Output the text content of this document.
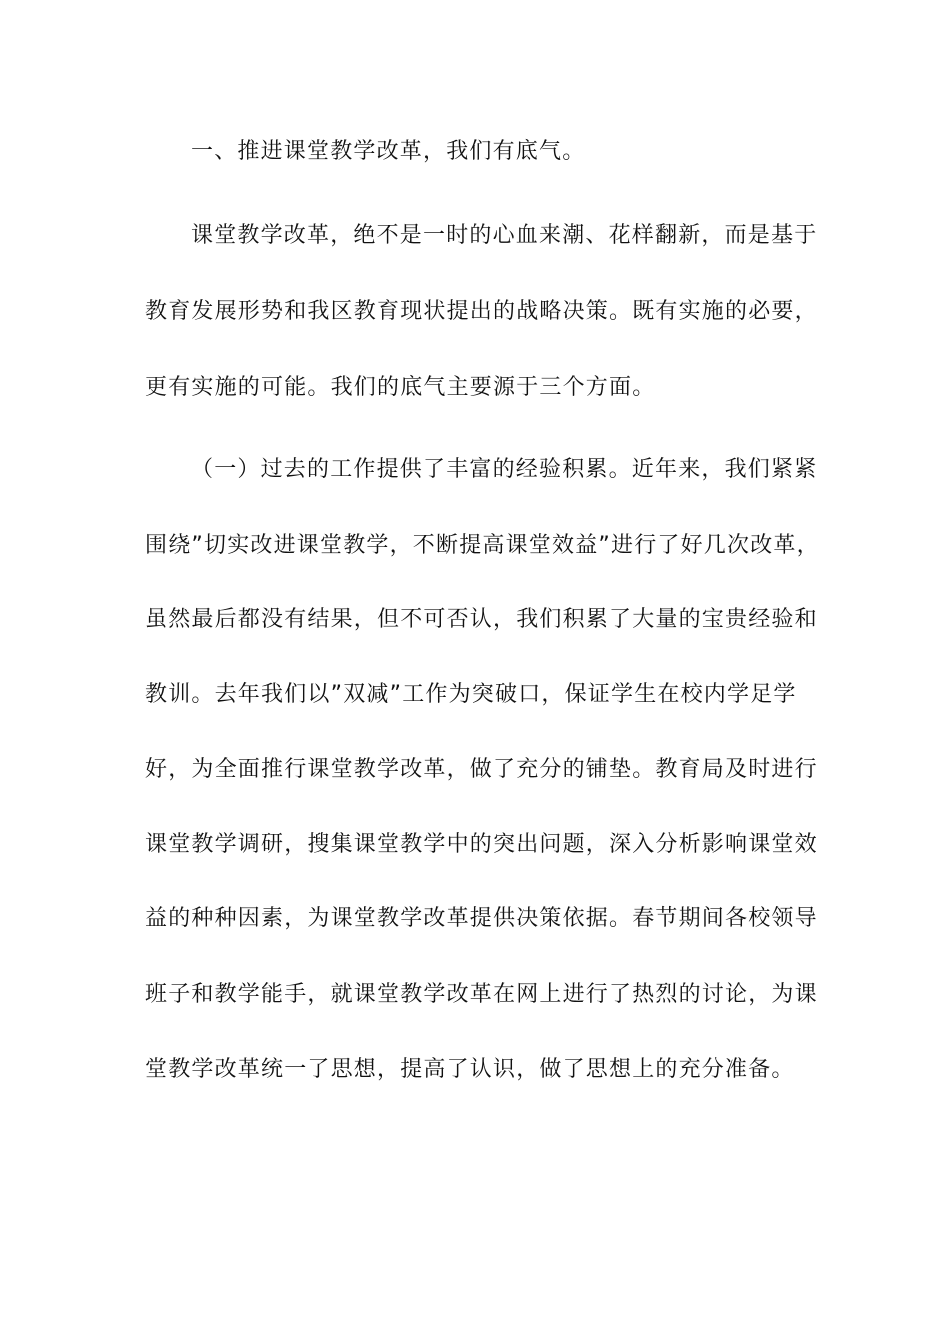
一、推进课堂教学改革，我们有底气。
课堂教学改革，绝不是一时的心血来潮、花样翻新，而是基于
教育发展形势和我区教育现状提出的战略决策。既有实施的必要，
更有实施的可能。我们的底气主要源于三个方面。
（一）过去的工作提供了丰富的经验积累。近年来，我们紧紧
围绕”切实改进课堂教学，不断提高课堂效益”进行了好几次改革，
虽然最后都没有结果，但不可否认，我们积累了大量的宝贵经验和
教训。去年我们以”双减”工作为突破口，保证学生在校内学足学
好，为全面推行课堂教学改革，做了充分的铺垫。教育局及时进行
课堂教学调研，搜集课堂教学中的突出问题，深入分析影响课堂效
益的种种因素，为课堂教学改革提供决策依据。春节期间各校领导
班子和教学能手，就课堂教学改革在网上进行了热烈的讨论，为课
堂教学改革统一了思想，提高了认识，做了思想上的充分准备。
